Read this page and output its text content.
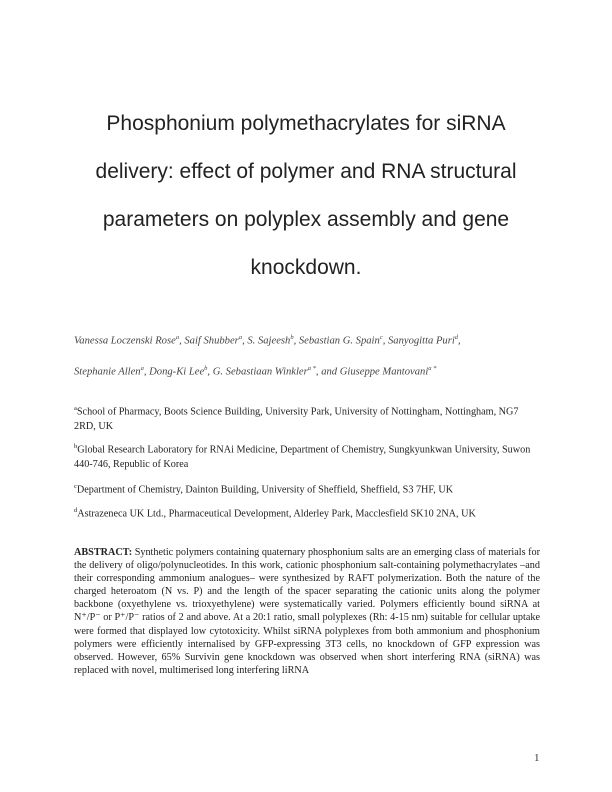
Phosphonium polymethacrylates for siRNA
delivery: effect of polymer and RNA structural
parameters on polyplex assembly and gene
knockdown.

Vanessa Loczenski Rose$^a$, Saif Shubber$^a$, S. Sajeesh$^b$, Sebastian G. Spain$^c$, Sanyogitta Puri$^d$,
Stephanie Allen$^a$, Dong-Ki Lee$^b$, G. Sebastiaan Winkler$^{a *}$, and Giuseppe Mantovani$^{a *}$

$^a$School of Pharmacy, Boots Science Building, University Park, University of Nottingham, Nottingham, NG7 2RD, UK

$^b$Global Research Laboratory for RNAi Medicine, Department of Chemistry, Sungkyunkwan University, Suwon 440-746, Republic of Korea

$^c$Department of Chemistry, Dainton Building, University of Sheffield, Sheffield, S3 7HF, UK

$^d$Astrazeneca UK Ltd., Pharmaceutical Development, Alderley Park, Macclesfield SK10 2NA, UK

ABSTRACT: Synthetic polymers containing quaternary phosphonium salts are an emerging class of materials for the delivery of oligo/polynucleotides. In this work, cationic phosphonium salt-containing polymethacrylates –and their corresponding ammonium analogues– were synthesized by RAFT polymerization. Both the nature of the charged heteroatom (N vs. P) and the length of the spacer separating the cationic units along the polymer backbone (oxyethylene vs. trioxyethylene) were systematically varied. Polymers efficiently bound siRNA at N⁺/P⁻ or P⁺/P⁻ ratios of 2 and above. At a 20:1 ratio, small polyplexes (Rh: 4-15 nm) suitable for cellular uptake were formed that displayed low cytotoxicity. Whilst siRNA polyplexes from both ammonium and phosphonium polymers were efficiently internalised by GFP-expressing 3T3 cells, no knockdown of GFP expression was observed. However, 65% Survivin gene knockdown was observed when short interfering RNA (siRNA) was replaced with novel, multimerised long interfering liRNA

1
